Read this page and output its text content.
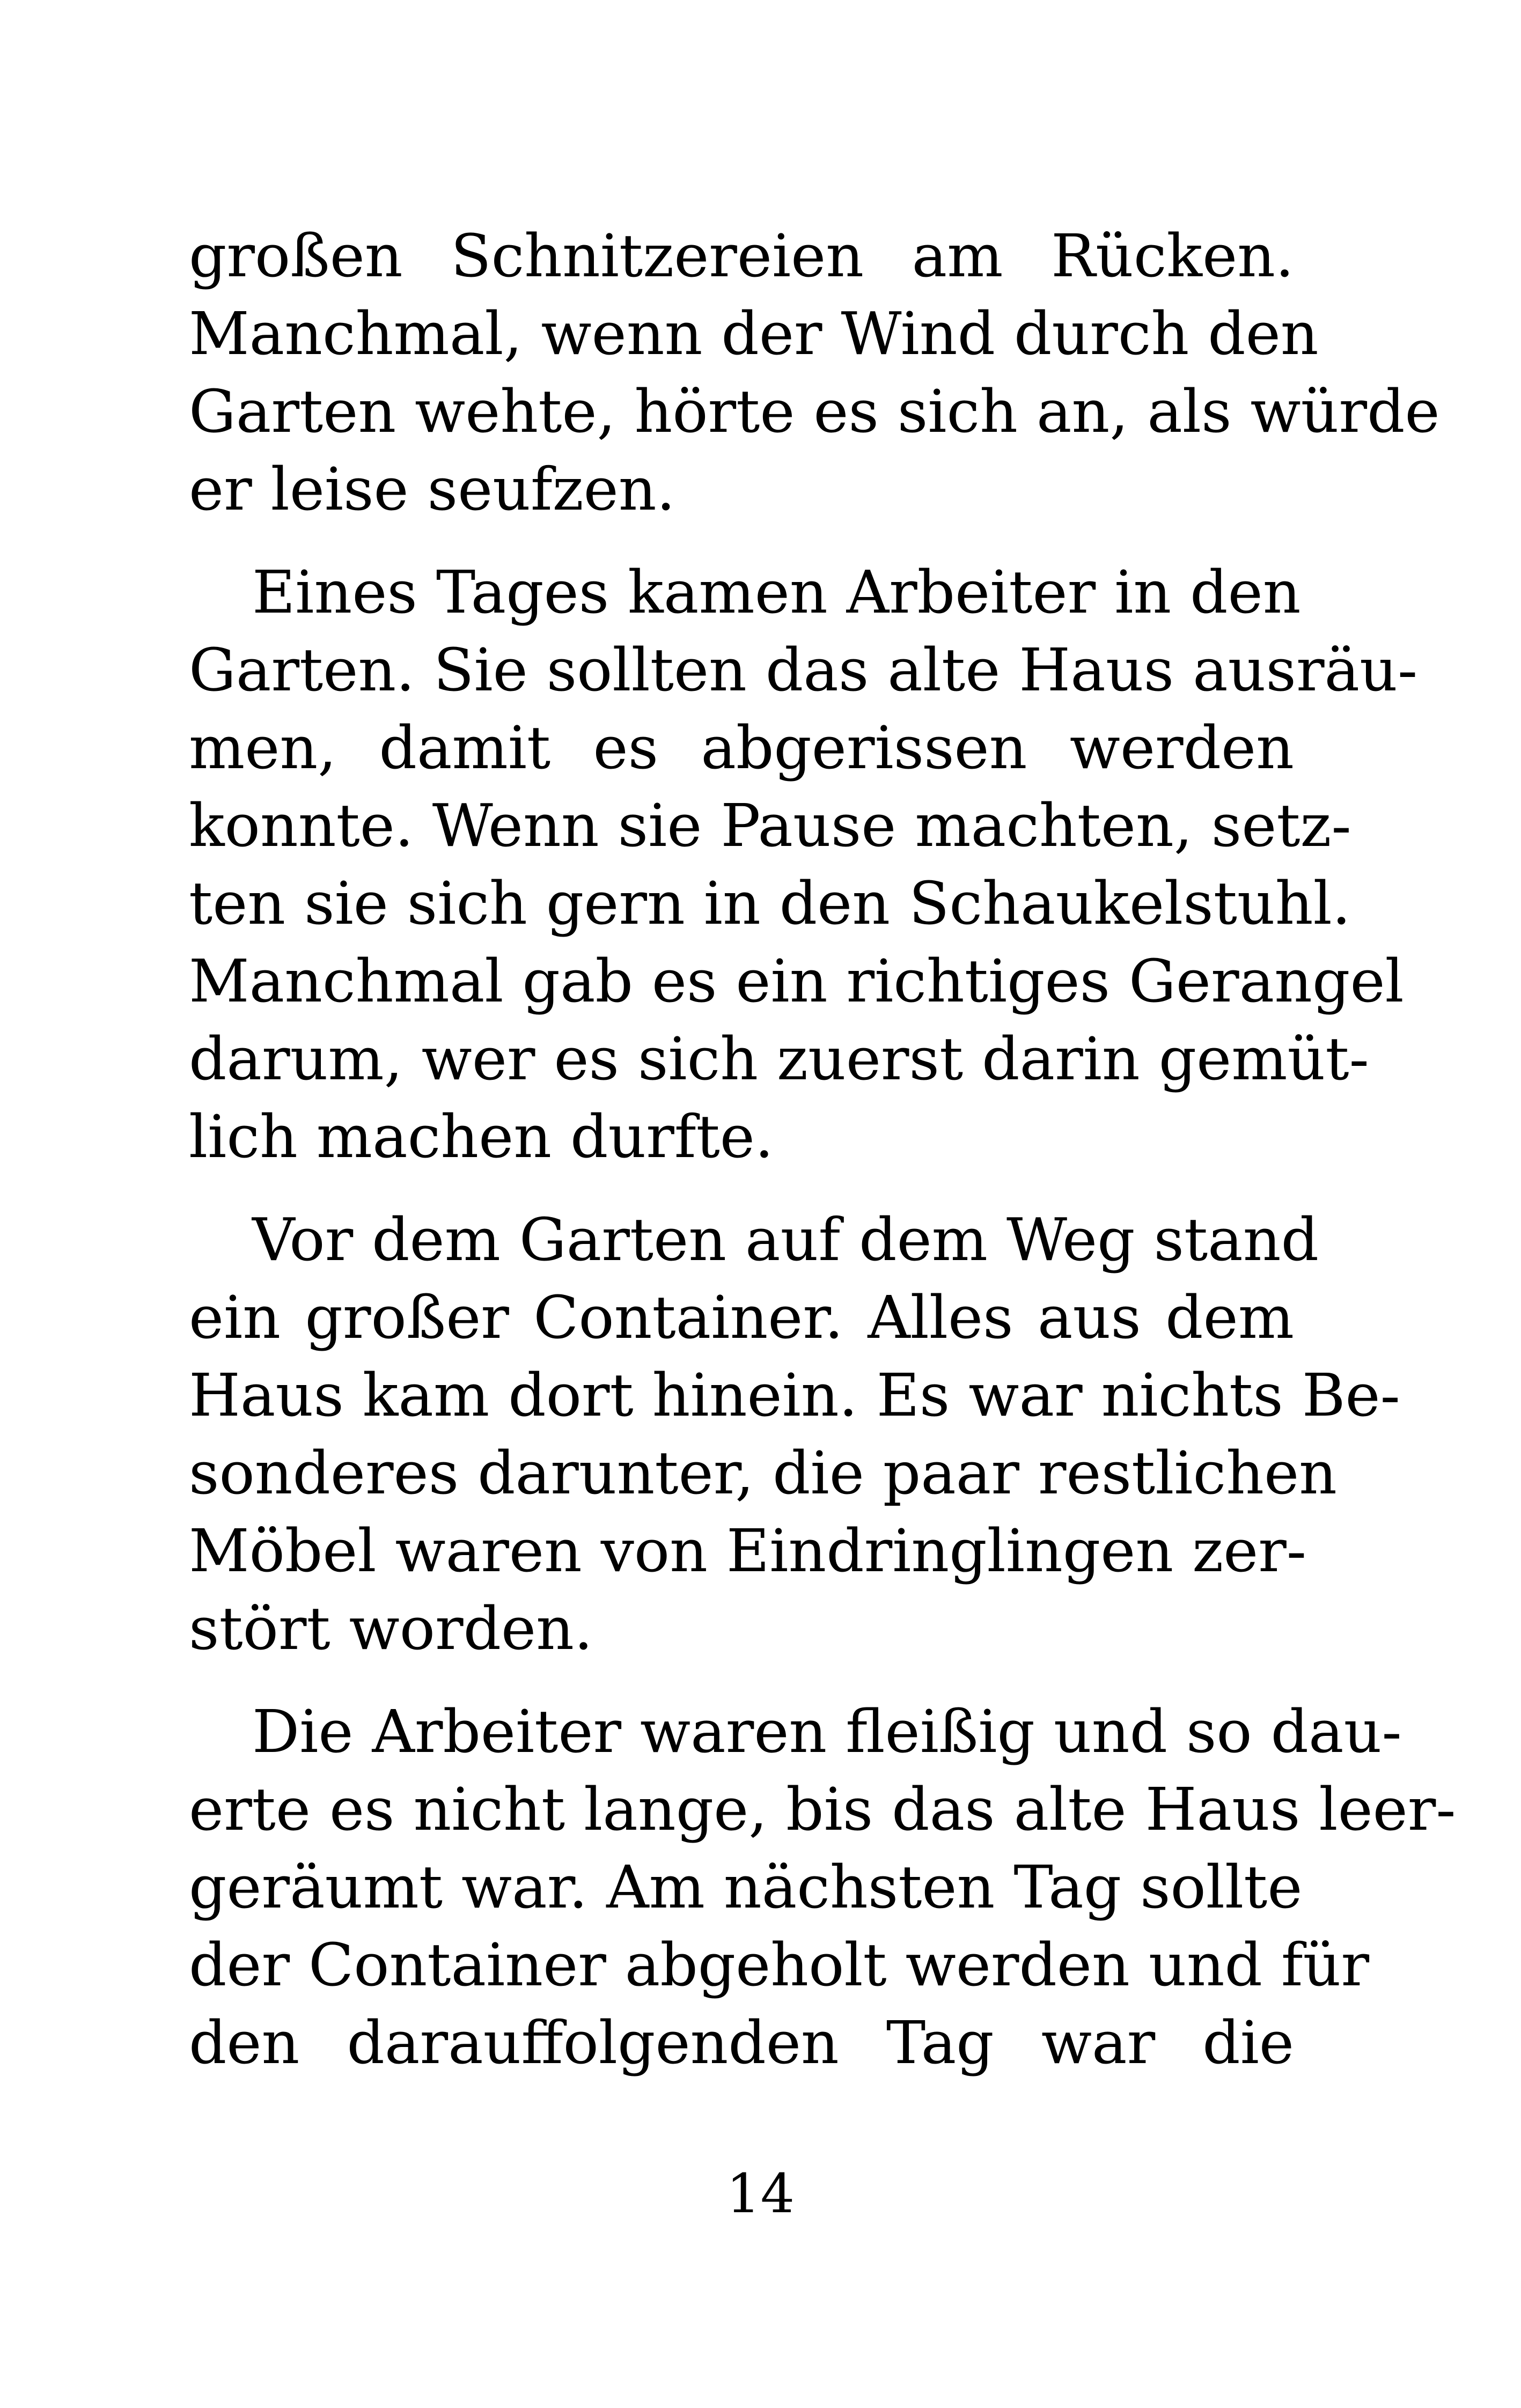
großen Schnitzereien am Rücken.
Manchmal, wenn der Wind durch den
Garten wehte, hörte es sich an, als würde
er leise seufzen.

Eines Tages kamen Arbeiter in den
Garten. Sie sollten das alte Haus ausräu-
men, damit es abgerissen werden
konnte. Wenn sie Pause machten, setz-
ten sie sich gern in den Schaukelstuhl.
Manchmal gab es ein richtiges Gerangel
darum, wer es sich zuerst darin gemüt-
lich machen durfte.

Vor dem Garten auf dem Weg stand
ein großer Container. Alles aus dem
Haus kam dort hinein. Es war nichts Be-
sonderes darunter, die paar restlichen
Möbel waren von Eindringlingen zer-
stört worden.

Die Arbeiter waren fleißig und so dau-
erte es nicht lange, bis das alte Haus leer-
geräumt war. Am nächsten Tag sollte
der Container abgeholt werden und für
den darauffolgenden Tag war die

14
